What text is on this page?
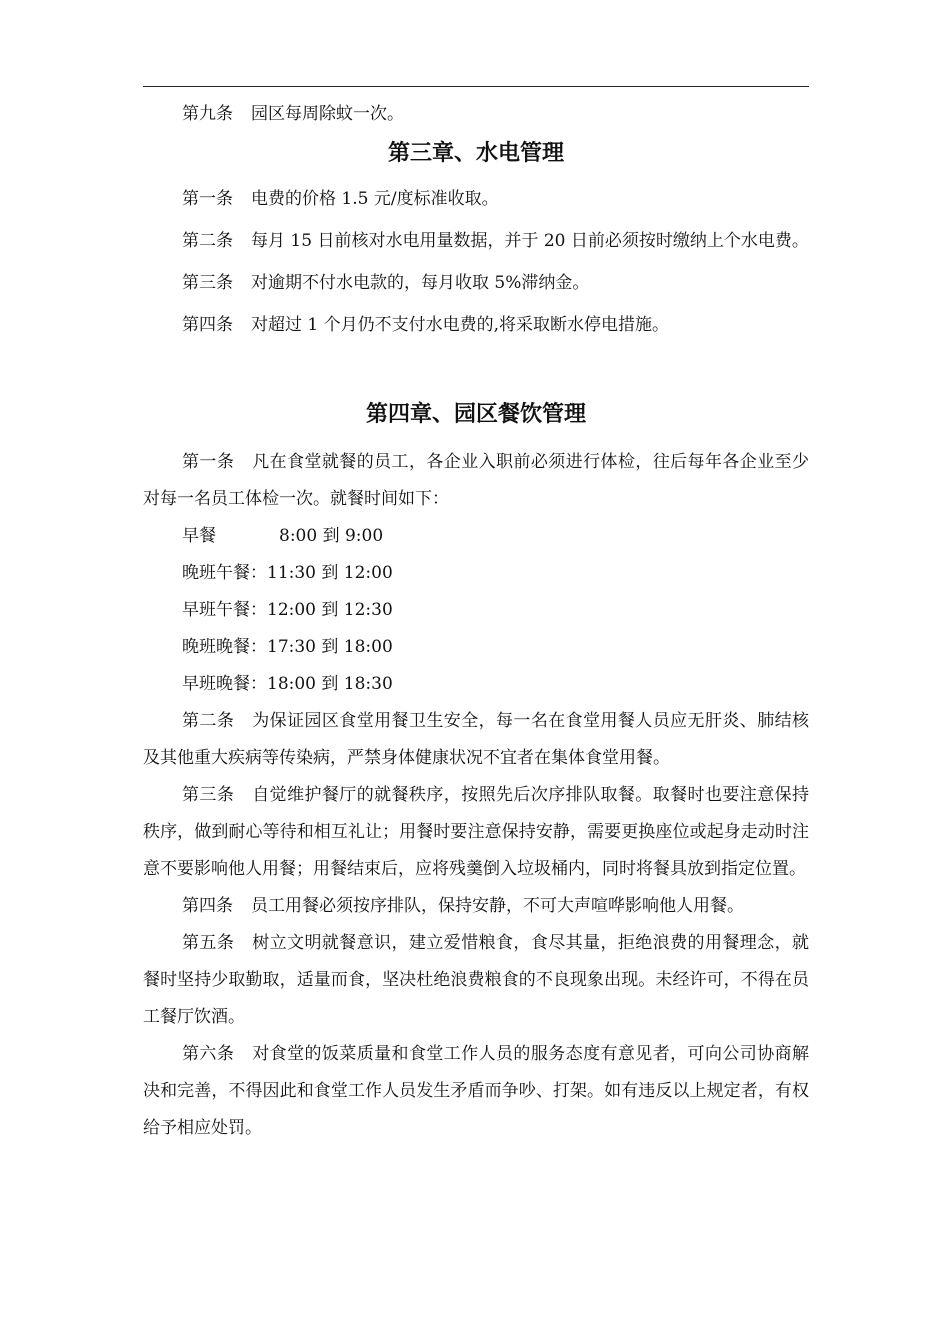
第九条 园区每周除蚊一次。

第三章、水电管理

第一条 电费的价格 1.5 元/度标准收取。

第二条 每月 15 日前核对水电用量数据，并于 20 日前必须按时缴纳上个水电费。

第三条 对逾期不付水电款的，每月收取 5%滞纳金。

第四条 对超过 1 个月仍不支付水电费的,将采取断水停电措施。

第四章、园区餐饮管理

第一条 凡在食堂就餐的员工，各企业入职前必须进行体检，往后每年各企业至少对每一名员工体检一次。就餐时间如下：

早餐	8:00 到 9:00
晚班午餐：11:30 到 12:00
早班午餐：12:00 到 12:30
晚班晚餐：17:30 到 18:00
早班晚餐：18:00 到 18:30

第二条 为保证园区食堂用餐卫生安全，每一名在食堂用餐人员应无肝炎、肺结核及其他重大疾病等传染病，严禁身体健康状况不宜者在集体食堂用餐。

第三条 自觉维护餐厅的就餐秩序，按照先后次序排队取餐。取餐时也要注意保持秩序，做到耐心等待和相互礼让；用餐时要注意保持安静，需要更换座位或起身走动时注意不要影响他人用餐；用餐结束后，应将残羹倒入垃圾桶内，同时将餐具放到指定位置。

第四条 员工用餐必须按序排队，保持安静，不可大声喧哗影响他人用餐。

第五条 树立文明就餐意识，建立爱惜粮食，食尽其量，拒绝浪费的用餐理念，就餐时坚持少取勤取，适量而食，坚决杜绝浪费粮食的不良现象出现。未经许可，不得在员工餐厅饮酒。

第六条 对食堂的饭菜质量和食堂工作人员的服务态度有意见者，可向公司协商解决和完善，不得因此和食堂工作人员发生矛盾而争吵、打架。如有违反以上规定者，有权给予相应处罚。
